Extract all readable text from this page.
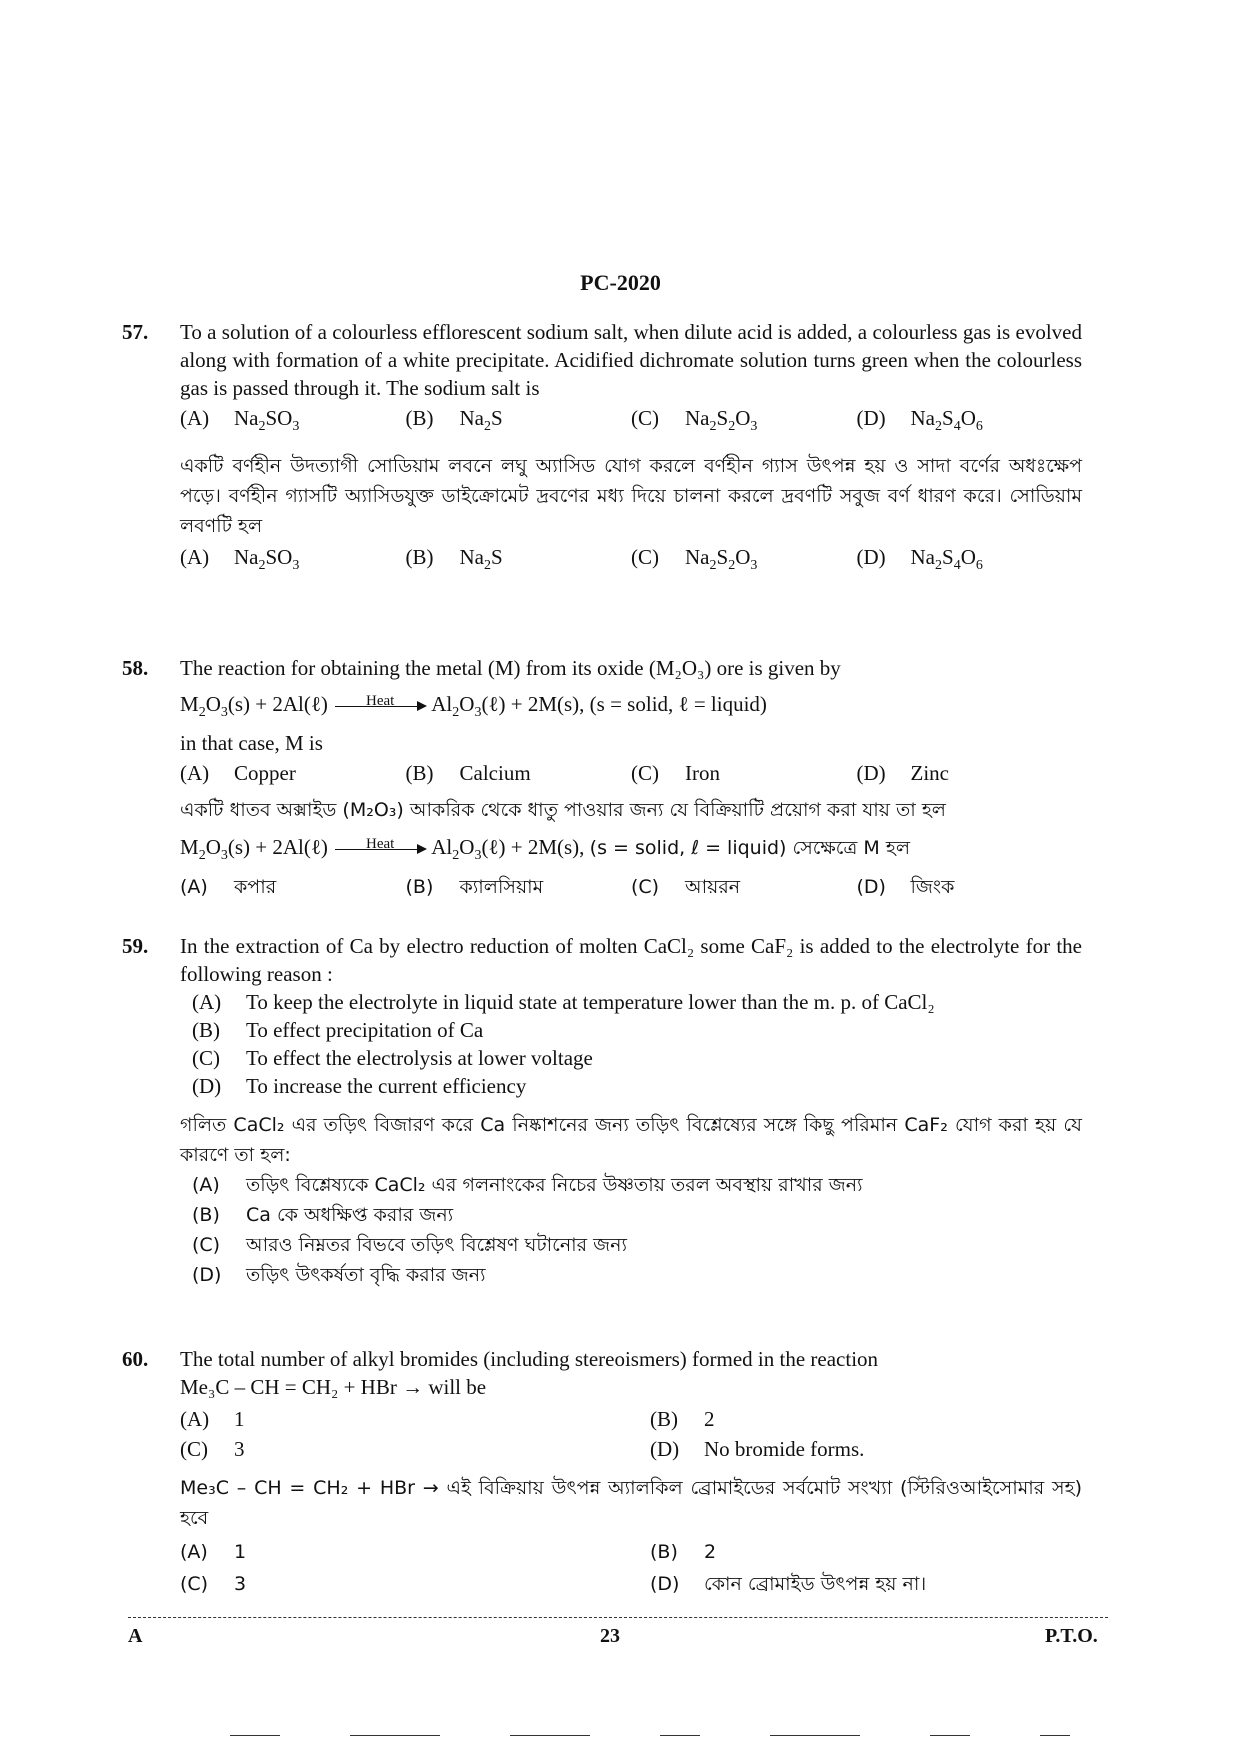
PC-2020
57.	To a solution of a colourless efflorescent sodium salt, when dilute acid is added, a colourless gas is evolved along with formation of a white precipitate. Acidified dichromate solution turns green when the colourless gas is passed through it. The sodium salt is
(A) $Na_2SO_3$	(B) $Na_2S$	(C) $Na_2S_2O_3$	(D) $Na_2S_4O_6$
একটি বর্ণহীন উদত্যাগী সোডিয়াম লবনে লঘু অ্যাসিড যোগ করলে বর্ণহীন গ্যাস উৎপন্ন হয় ও সাদা বর্ণের অধঃক্ষেপ পড়ে। বর্ণহীন গ্যাসটি অ্যাসিডযুক্ত ডাইক্রোমেট দ্রবণের মধ্য দিয়ে চালনা করলে দ্রবণটি সবুজ বর্ণ ধারণ করে। সোডিয়াম লবণটি হল
(A) $Na_2SO_3$	(B) $Na_2S$	(C) $Na_2S_2O_3$	(D) $Na_2S_4O_6$
58.	The reaction for obtaining the metal (M) from its oxide (M₂O₃) ore is given by
$M_2O_3(s)$ + 2Al(ℓ)	Heat	$Al_2O_3(\ell) + 2M(s)$, (s = solid, ℓ = liquid)
in that case, M is
(A) Copper	(B) Calcium	(C) Iron	(D) Zinc
একটি ধাতব অক্সাইড (M₂O₃) আকরিক থেকে ধাতু পাওয়ার জন্য যে বিক্রিয়াটি প্রয়োগ করা যায় তা হল
$M_2O_3(s)$ + 2Al(ℓ)	Heat	$Al_2O_3(\ell) + 2M(s)$, (s = solid, ℓ = liquid) সেক্ষেত্রে M হল
(A) কপার	(B) ক্যালসিয়াম	(C) আয়রন	(D) জিংক
59.	In the extraction of Ca by electro reduction of molten CaCl₂ some CaF₂ is added to the electrolyte for the following reason :
(A) To keep the electrolyte in liquid state at temperature lower than the m. p. of CaCl₂
(B) To effect precipitation of Ca
(C) To effect the electrolysis at lower voltage
(D) To increase the current efficiency
গলিত CaCl₂ এর তড়িৎ বিজারণ করে Ca নিষ্কাশনের জন্য তড়িৎ বিশ্লেষ্যের সঙ্গে কিছু পরিমান CaF₂ যোগ করা হয় যে কারণে তা হল:
(A) তড়িৎ বিশ্লেষ্যকে CaCl₂ এর গলনাংকের নিচের উষ্ণতায় তরল অবস্থায় রাখার জন্য
(B) Ca কে অধক্ষিপ্ত করার জন্য
(C) আরও নিম্নতর বিভবে তড়িৎ বিশ্লেষণ ঘটানোর জন্য
(D) তড়িৎ উৎকর্ষতা বৃদ্ধি করার জন্য
60.	The total number of alkyl bromides (including stereoismers) formed in the reaction
Me₃C – CH = CH₂ + HBr → will be
(A) 1	(B) 2
(C) 3	(D) No bromide forms.
Me₃C – CH = CH₂ + HBr → এই বিক্রিয়ায় উৎপন্ন অ্যালকিল ব্রোমাইডের সর্বমোট সংখ্যা (স্টিরিওআইসোমার সহ) হবে
(A) 1	(B) 2
(C) 3	(D) কোন ব্রোমাইড উৎপন্ন হয় না।
A	23	P.T.O.
